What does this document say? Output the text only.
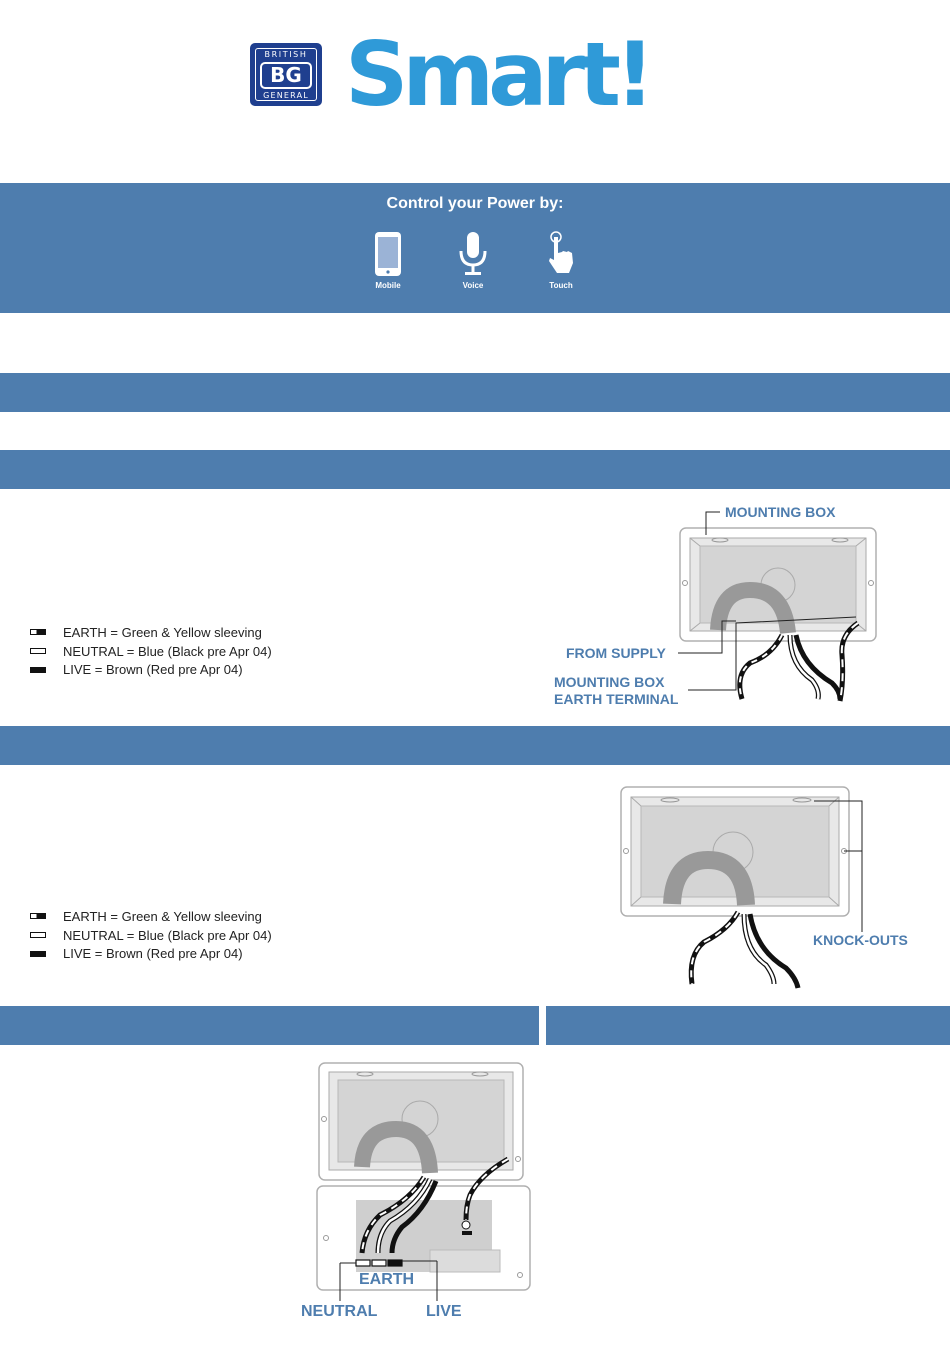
BRITISH
BG
GENERAL Smart!
Control your Power by:
Mobile	Voice	Touch
EARTH = Green & Yellow sleeving
NEUTRAL = Blue (Black pre Apr 04)
LIVE = Brown (Red pre Apr 04)
MOUNTING BOX
FROM SUPPLY
MOUNTING BOX
EARTH TERMINAL
EARTH = Green & Yellow sleeving
NEUTRAL = Blue (Black pre Apr 04)
LIVE = Brown (Red pre Apr 04)
KNOCK-OUTS
EARTH
NEUTRAL	LIVE
